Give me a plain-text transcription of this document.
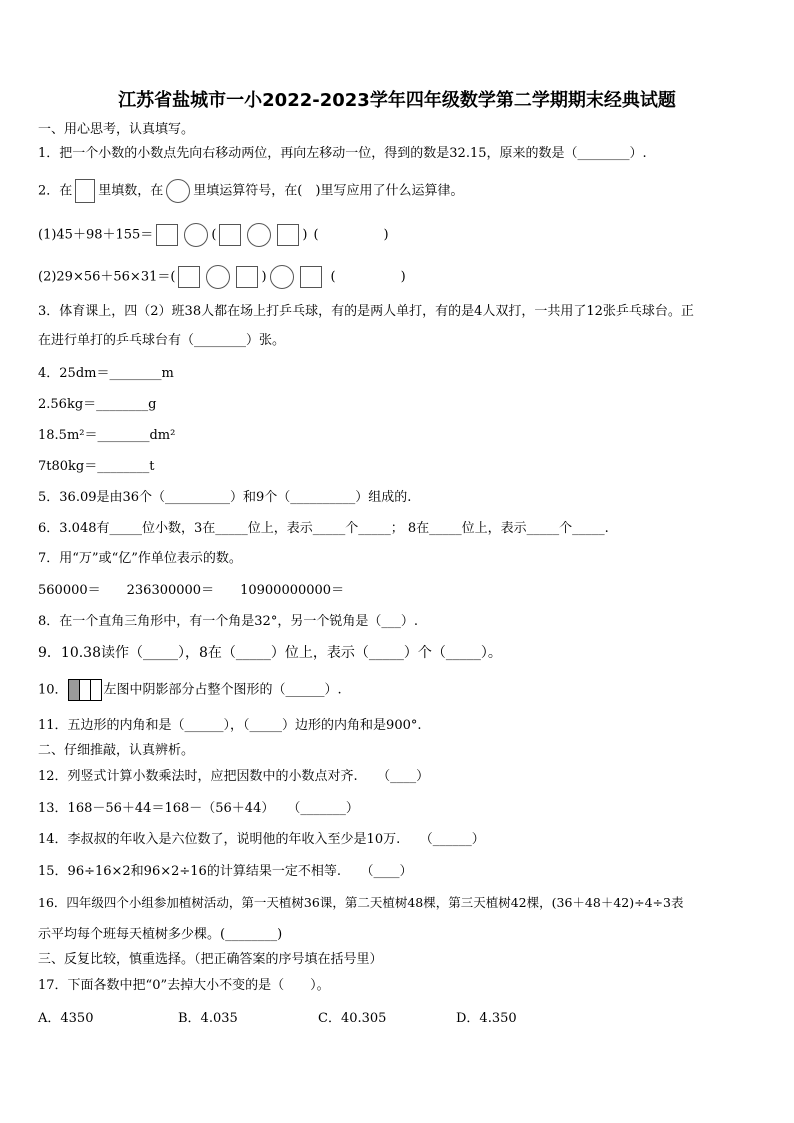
江苏省盐城市一小2022-2023学年四年级数学第二学期期末经典试题
一、用心思考，认真填写。
1．把一个小数的小数点先向右移动两位，再向左移动一位，得到的数是32.15，原来的数是（________）.
2．在 里填数，在 里填运算符号，在(　)里写应用了什么运算律。
(1)45＋98＋155＝	(	) (　　　　　)
(2)29×56＋56×31＝(	)	(　　　　　)
3．体育课上，四（2）班38人都在场上打乒乓球，有的是两人单打，有的是4人双打，一共用了12张乒乓球台。正
在进行单打的乒乓球台有（________）张。
4．25dm＝________m
2.56kg＝________g
18.5m²＝________dm²
7t80kg＝________t
5．36.09是由36个（__________）和9个（__________）组成的.
6．3.048有_____位小数，3在_____位上，表示_____个_____； 8在_____位上，表示_____个_____.
7．用“万”或“亿”作单位表示的数。
560000＝ 236300000＝ 10900000000＝
8．在一个直角三角形中，有一个角是32°，另一个锐角是（___）.
9．10.38读作（_____），8在（_____）位上，表示（_____）个（_____）。
10．	左图中阴影部分占整个图形的（______）.
11．五边形的内角和是（______），（_____）边形的内角和是900°.
二、仔细推敲，认真辨析。
12．列竖式计算小数乘法时，应把因数中的小数点对齐.　　（____）
13．168－56＋44＝168－（56＋44）　　（_______）
14．李叔叔的年收入是六位数了，说明他的年收入至少是10万.　　（______）
15．96÷16×2和96×2÷16的计算结果一定不相等.　　（____）
16．四年级四个小组参加植树活动，第一天植树36课，第二天植树48棵，第三天植树42棵，(36＋48＋42)÷4÷3表
示平均每个班每天植树多少棵。(________)
三、反复比较，慎重选择。（把正确答案的序号填在括号里）
17．下面各数中把“0”去掉大小不变的是（　　）。
A．4350	B．4.035	C．40.305	D．4.350
